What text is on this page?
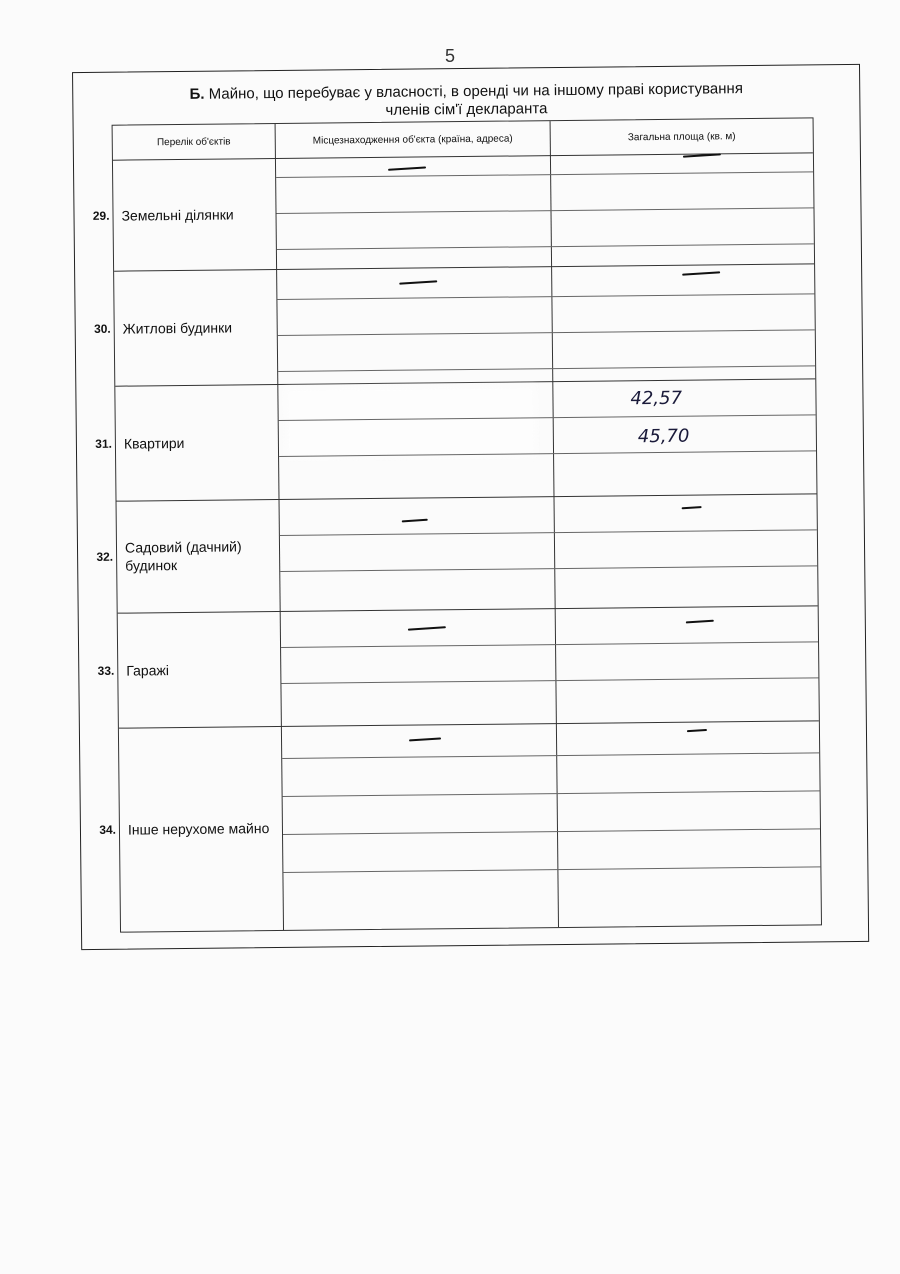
5
Б. Майно, що перебуває у власності, в оренді чи на іншому праві користування
членів сім'ї декларанта
Перелік об'єктів	Місцезнаходження об'єкта (країна, адреса)	Загальна площа (кв. м)
29. Земельні ділянки
30. Житлові будинки
31. Квартири
42,57
45,70
32.
Садовий (дачний) будинок
33. Гаражі
34. Інше нерухоме майно
